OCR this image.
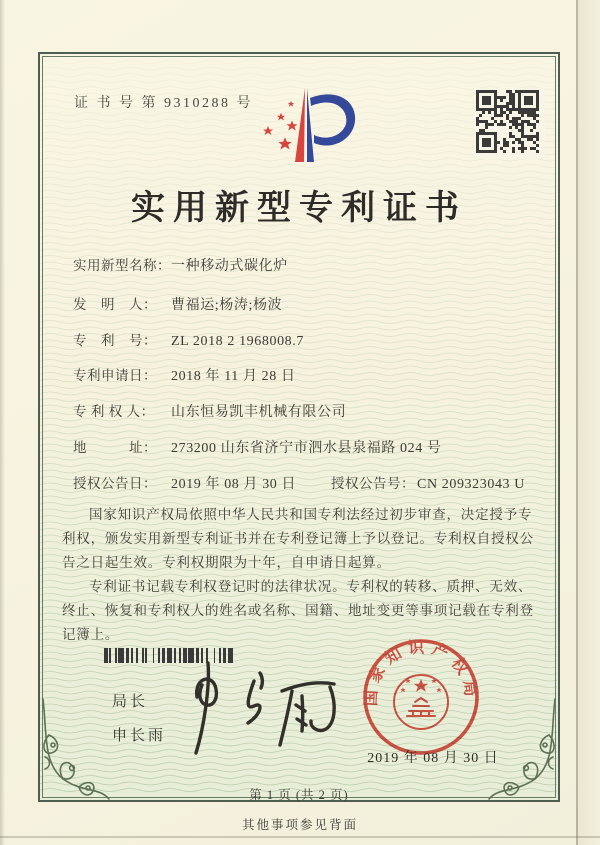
证 书 号 第 9310288 号
实用新型专利证书
实用新型名称：一种移动式碳化炉
发　明　人： 曹福运;杨涛;杨波
专　利　号： ZL 2018 2 1968008.7
专利申请日： 2018 年 11 月 28 日
专 利 权 人： 山东恒易凯丰机械有限公司
地　　　址： 273200 山东省济宁市泗水县泉福路 024 号
授权公告日： 2019 年 08 月 30 日	授权公告号： CN 209323043 U

国家知识产权局依照中华人民共和国专利法经过初步审查，决定授予专利权，颁发实用新型专利证书并在专利登记簿上予以登记。专利权自授权公告之日起生效。专利权期限为十年，自申请日起算。

专利证书记载专利权登记时的法律状况。专利权的转移、质押、无效、终止、恢复和专利权人的姓名或名称、国籍、地址变更等事项记载在专利登记簿上。

局长
申长雨
国家知识产权局
2019 年 08 月 30 日
第 1 页 (共 2 页)
其他事项参见背面
